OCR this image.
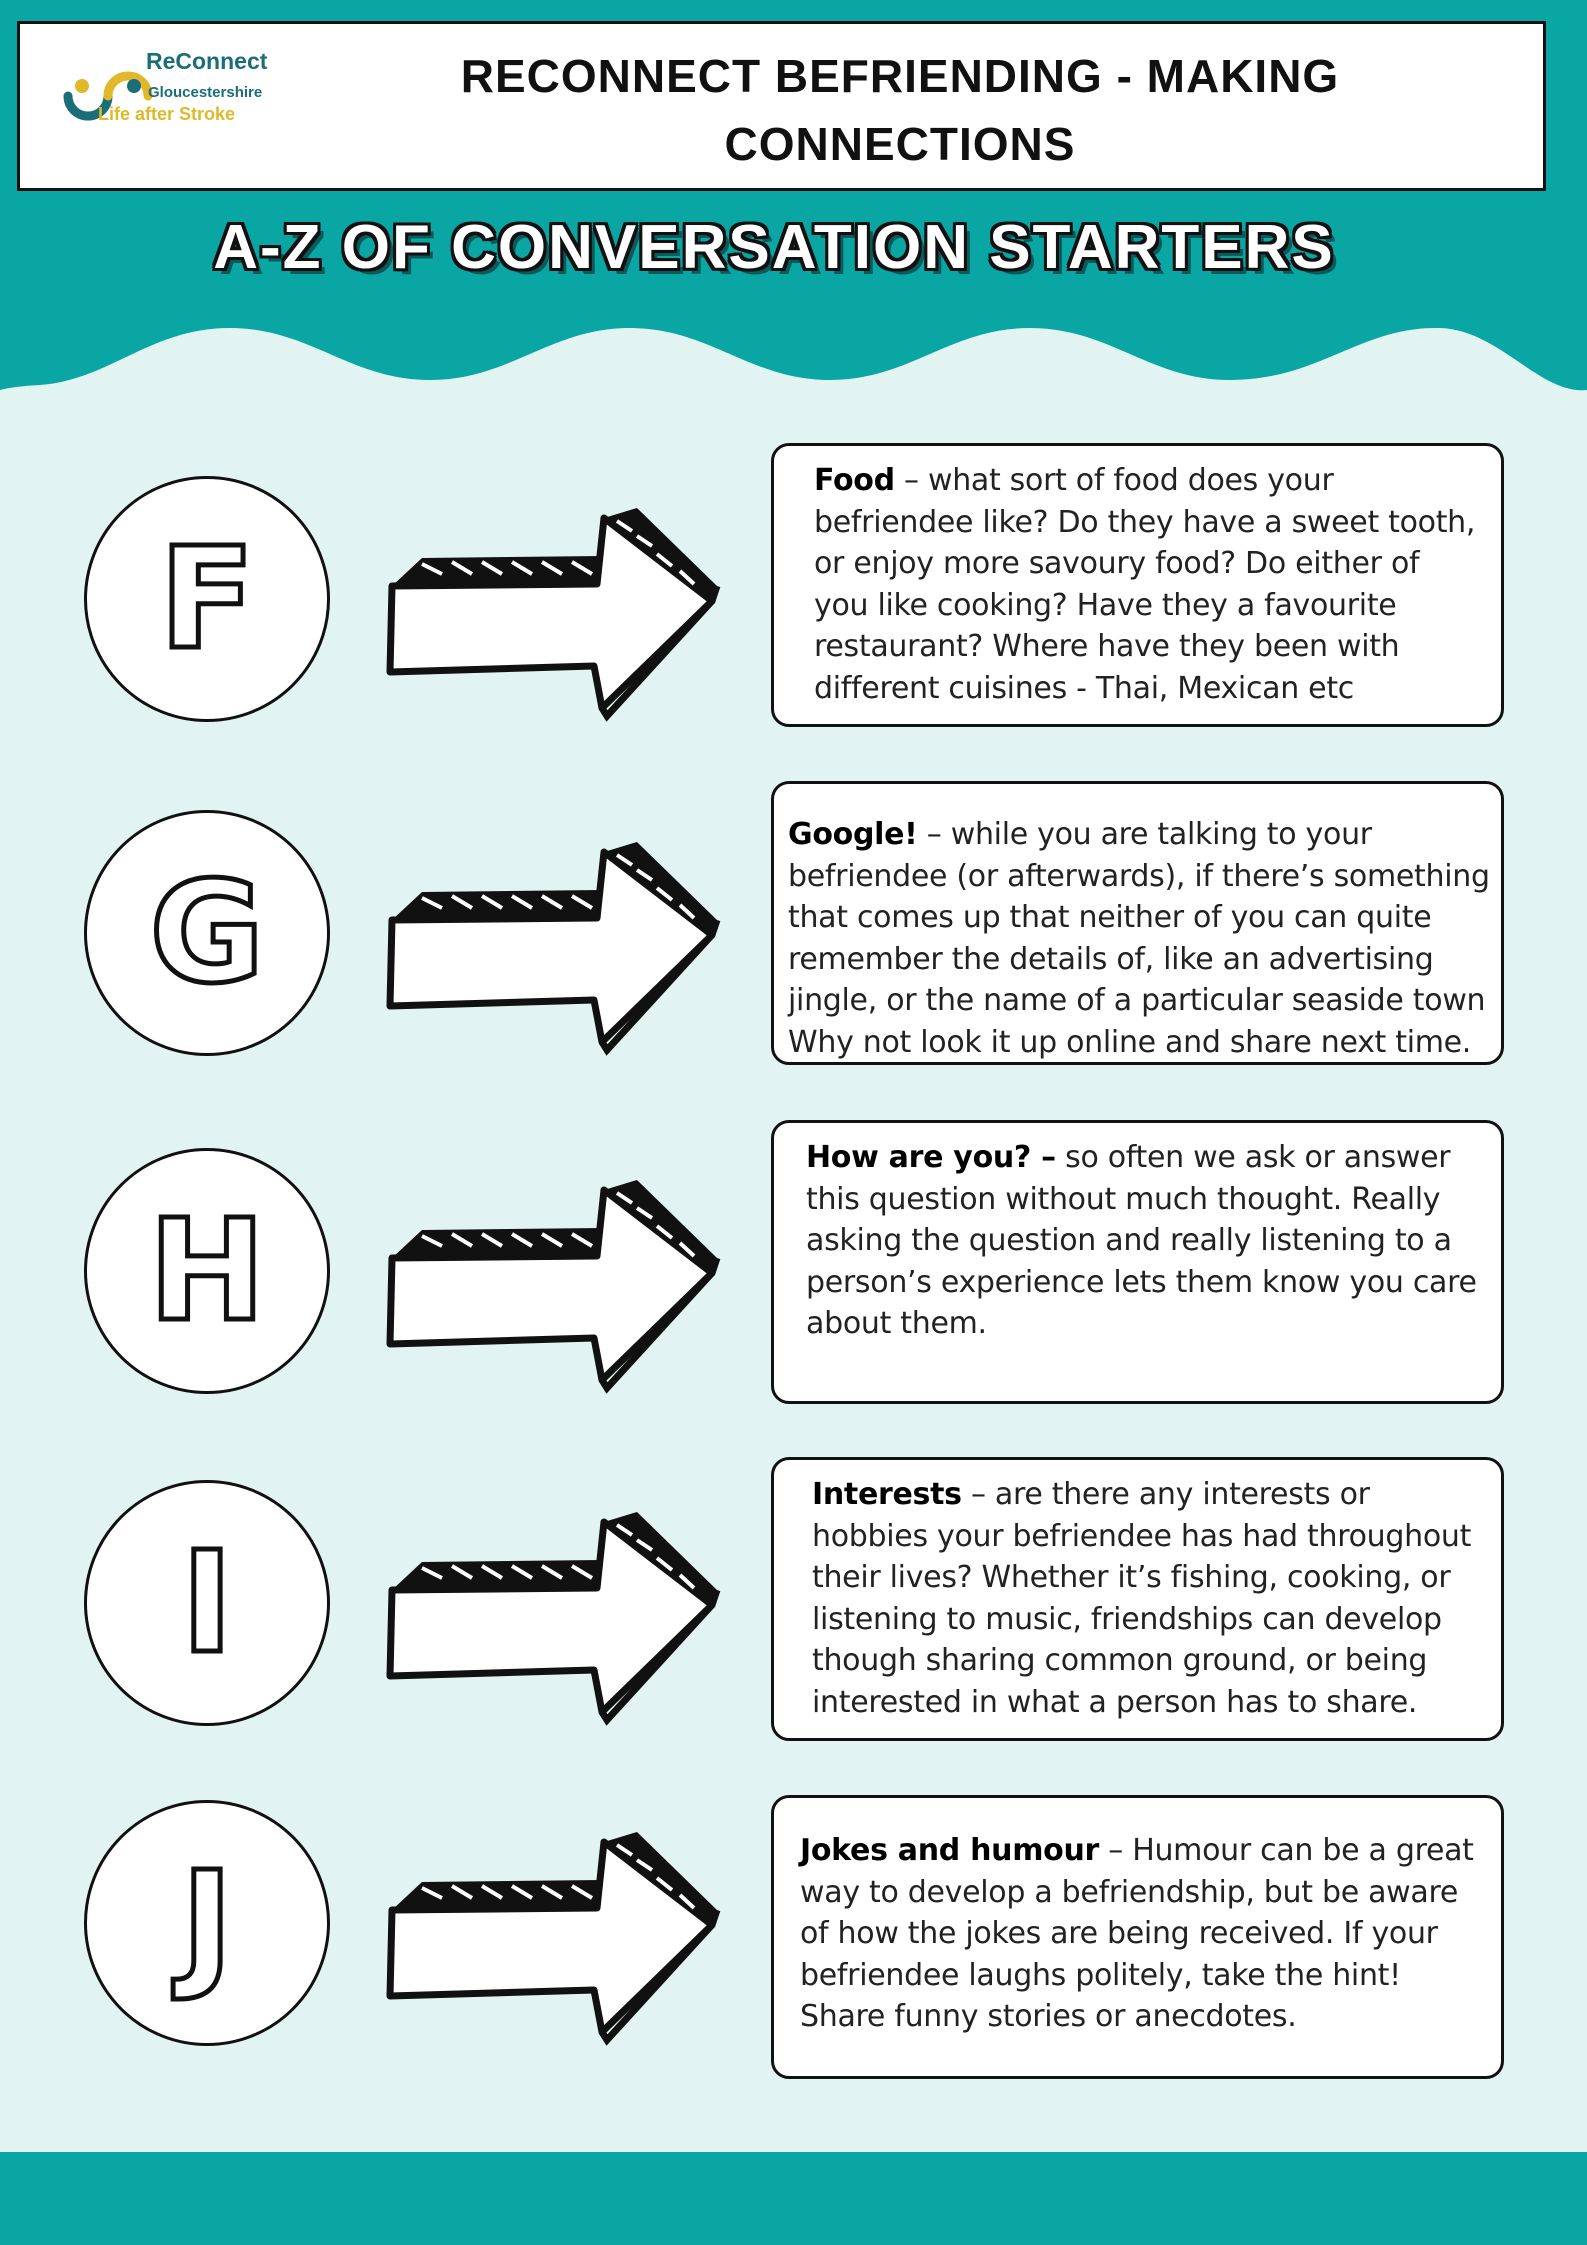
ReConnect
Gloucestershire
Life after Stroke
RECONNECT BEFRIENDING - MAKING
CONNECTIONS
A-Z OF CONVERSATION STARTERS
F

Food – what sort of food does your befriendee like? Do they have a sweet tooth, or enjoy more savoury food? Do either of you like cooking? Have they a favourite restaurant? Where have they been with different cuisines - Thai, Mexican etc

G

Google! – while you are talking to your befriendee (or afterwards), if there’s something that comes up that neither of you can quite remember the details of, like an advertising jingle, or the name of a particular seaside town Why not look it up online and share next time.

H

How are you? – so often we ask or answer this question without much thought. Really asking the question and really listening to a person’s experience lets them know you care about them.

I

Interests – are there any interests or hobbies your befriendee has had throughout their lives? Whether it’s fishing, cooking, or listening to music, friendships can develop though sharing common ground, or being interested in what a person has to share.

J	Jokes and humour – Humour can be a great way to develop a befriendship, but be aware of how the jokes are being received. If your befriendee laughs politely, take the hint! Share funny stories or anecdotes.
